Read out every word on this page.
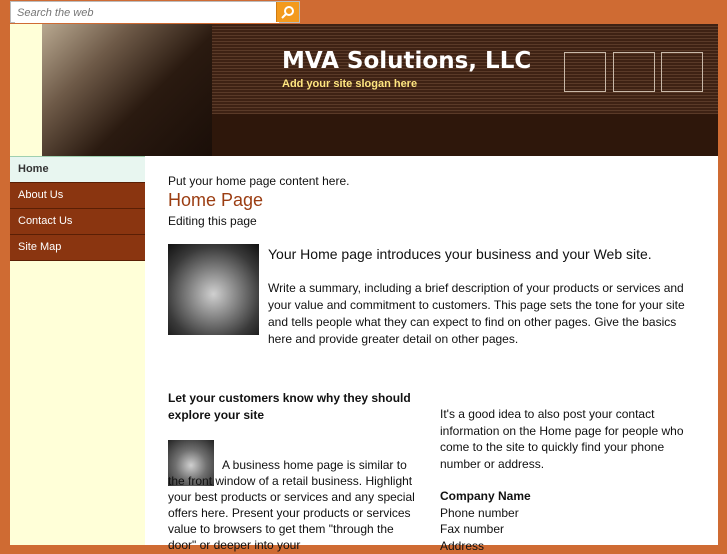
Search the web
MVA Solutions, LLC
Add your site slogan here
Home
About Us
Contact Us
Site Map
Put your home page content here.
Home Page
Editing this page
Your Home page introduces your business and your Web site.
Write a summary, including a brief description of your products or services and your value and commitment to customers. This page sets the tone for your site and tells people what they can expect to find on other pages. Give the basics here and provide greater detail on other pages.
Let your customers know why they should explore your site
A business home page is similar to the front window of a retail business. Highlight your best products or services and any special offers here. Present your products or services value to browsers to get them "through the door" or deeper into your
It's a good idea to also post your contact information on the Home page for people who come to the site to quickly find your phone number or address.
Company Name
Phone number
Fax number
Address
